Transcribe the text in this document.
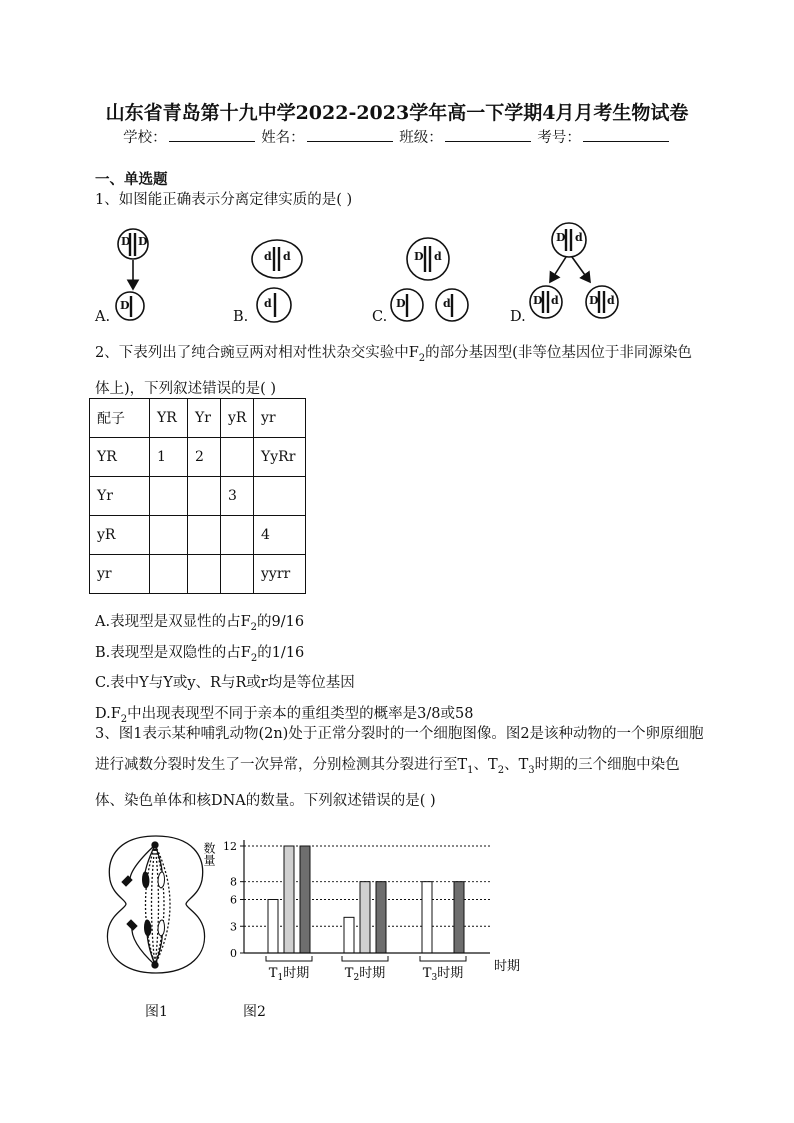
山东省青岛第十九中学2022-2023学年高一下学期4月月考生物试卷
学校：	姓名：	班级：	考号：
一、单选题
1、如图能正确表示分离定律实质的是( )
A.	B.	C.	D.
D D
D
d d
d
D d
D	d
D d
D d	D d
2、下表列出了纯合豌豆两对相对性状杂交实验中$F_2$的部分基因型(非等位基因位于非同源染色体上)，下列叙述错误的是( )
配子	YR	Yr	yR	yr
YR	1	2		YyRr
Yr			3	
yR				4
yr				yyrr
A.表现型是双显性的占$F_2$的9/16
B.表现型是双隐性的占$F_2$的1/16
C.表中Y与Y或y、R与R或r均是等位基因
$D.F_2$中出现表现型不同于亲本的重组类型的概率是3/8或58
3、图1表示某种哺乳动物(2n)处于正常分裂时的一个细胞图像。图2是该种动物的一个卵原细胞进行减数分裂时发生了一次异常，分别检测其分裂进行至$T_1$、$T_2$、$T_3$时期的三个细胞中染色体、染色单体和核DNA的数量。下列叙述错误的是( )
图1
0
3
6
8
12
数量
时期
$T_1$时期	$T_2$时期	$T_3$时期
图2
